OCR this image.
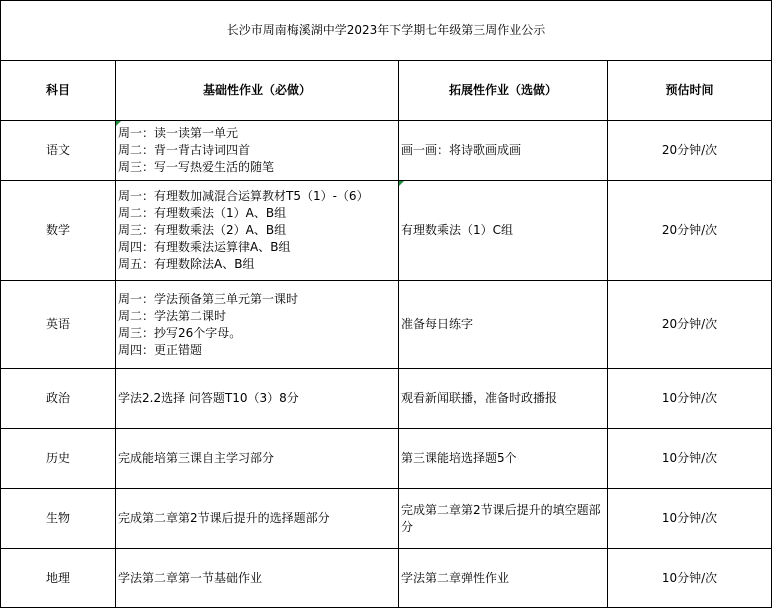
长沙市周南梅溪湖中学2023年下学期七年级第三周作业公示			
科目	基础性作业（必做）	拓展性作业（选做）	预估时间
语文	周一：读一读第一单元
周二：背一背古诗词四首
周三：写一写热爱生活的随笔	画一画：将诗歌画成画	20分钟/次
数学	周一：有理数加减混合运算教材T5（1）-（6）
周二：有理数乘法（1）A、B组
周三：有理数乘法（2）A、B组
周四：有理数乘法运算律A、B组
周五：有理数除法A、B组	有理数乘法（1）C组	20分钟/次
英语	周一：学法预备第三单元第一课时
周二：学法第二课时
周三：抄写26个字母。
周四：更正错题	准备每日练字	20分钟/次
政治	学法2.2选择 问答题T10（3）8分	观看新闻联播，准备时政播报	10分钟/次
历史	完成能培第三课自主学习部分	第三课能培选择题5个	10分钟/次
生物	完成第二章第2节课后提升的选择题部分	完成第二章第2节课后提升的填空题部分	10分钟/次
地理	学法第二章第一节基础作业	学法第二章弹性作业	10分钟/次
